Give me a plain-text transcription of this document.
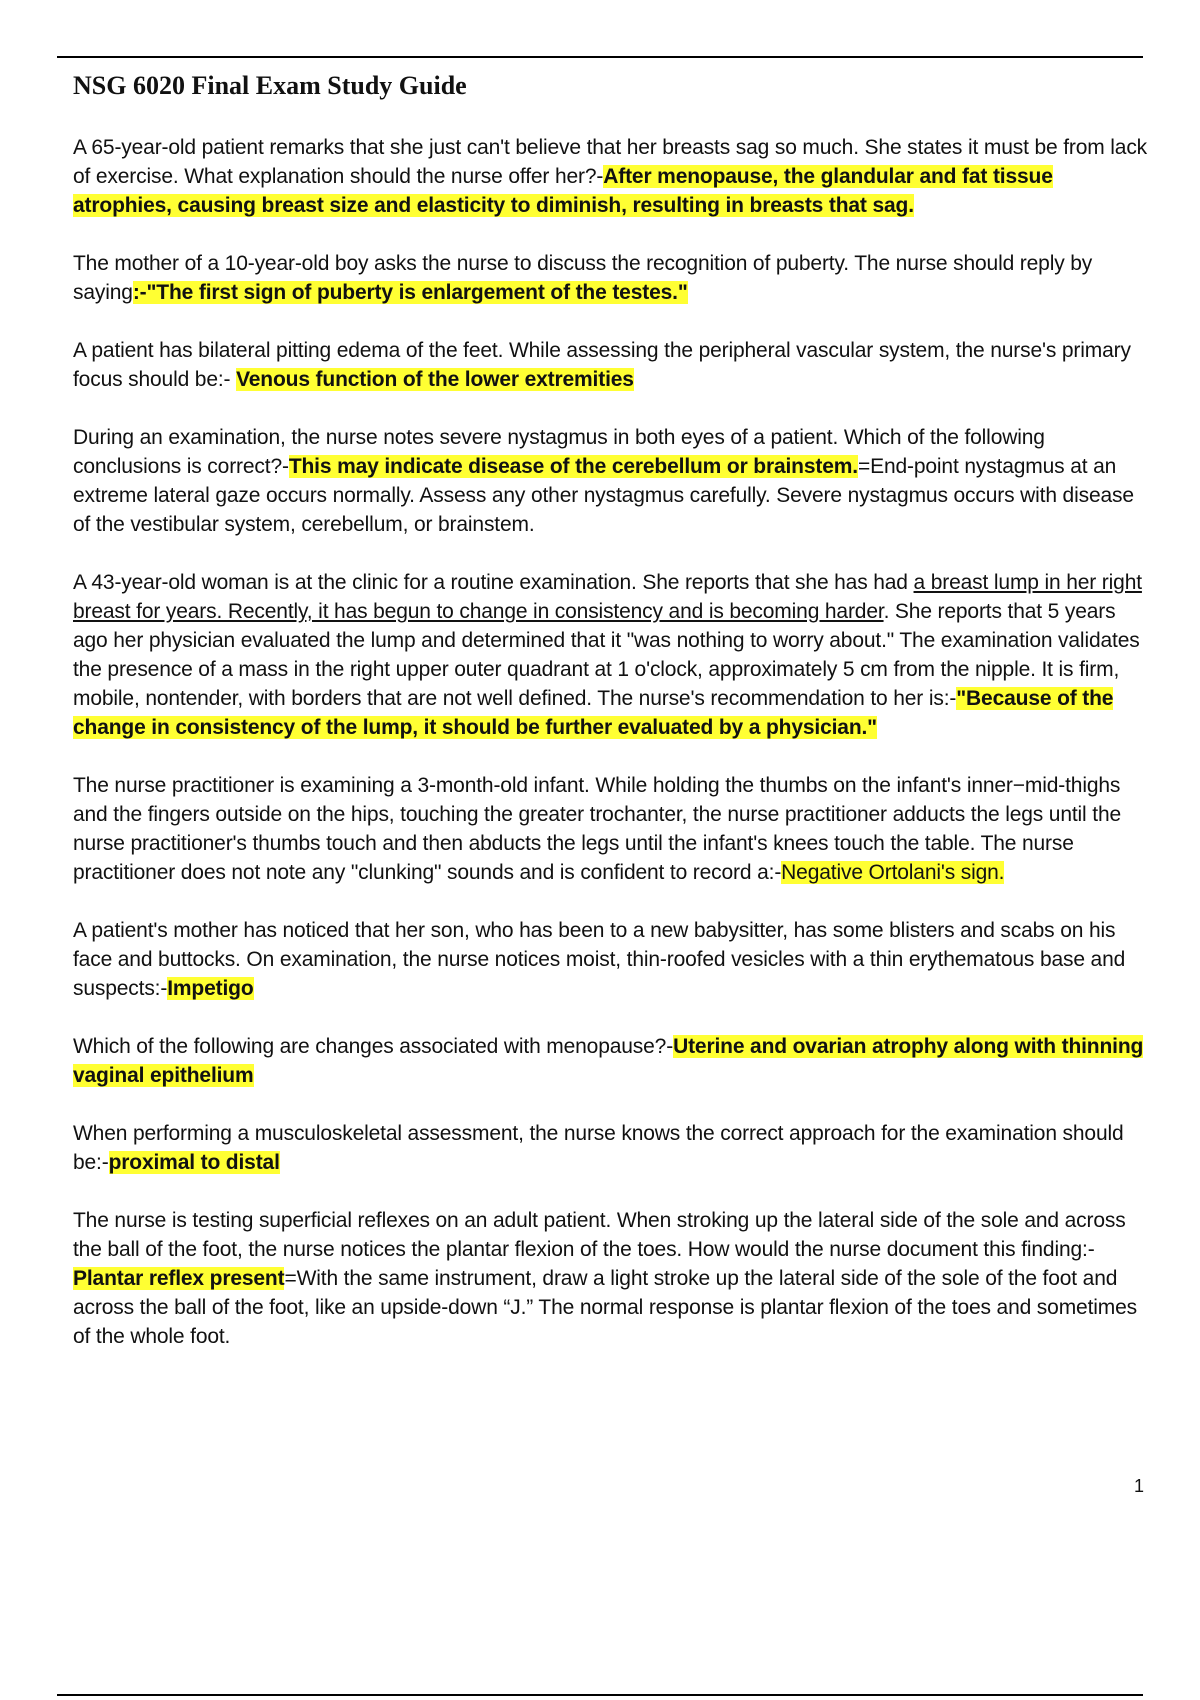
NSG 6020 Final Exam Study Guide

A 65-year-old patient remarks that she just can't believe that her breasts sag so much. She states it must be from lack of exercise. What explanation should the nurse offer her?-After menopause, the glandular and fat tissue atrophies, causing breast size and elasticity to diminish, resulting in breasts that sag.

The mother of a 10-year-old boy asks the nurse to discuss the recognition of puberty. The nurse should reply by saying:-"The first sign of puberty is enlargement of the testes."

A patient has bilateral pitting edema of the feet. While assessing the peripheral vascular system, the nurse's primary focus should be:- Venous function of the lower extremities

During an examination, the nurse notes severe nystagmus in both eyes of a patient. Which of the following conclusions is correct?-This may indicate disease of the cerebellum or brainstem.=End-point nystagmus at an extreme lateral gaze occurs normally. Assess any other nystagmus carefully. Severe nystagmus occurs with disease of the vestibular system, cerebellum, or brainstem.

A 43-year-old woman is at the clinic for a routine examination. She reports that she has had a breast lump in her right breast for years. Recently, it has begun to change in consistency and is becoming harder. She reports that 5 years ago her physician evaluated the lump and determined that it "was nothing to worry about." The examination validates the presence of a mass in the right upper outer quadrant at 1 o'clock, approximately 5 cm from the nipple. It is firm, mobile, nontender, with borders that are not well defined. The nurse's recommendation to her is:-"Because of the change in consistency of the lump, it should be further evaluated by a physician."

The nurse practitioner is examining a 3-month-old infant. While holding the thumbs on the infant's inner−mid-thighs and the fingers outside on the hips, touching the greater trochanter, the nurse practitioner adducts the legs until the nurse practitioner's thumbs touch and then abducts the legs until the infant's knees touch the table. The nurse practitioner does not note any "clunking" sounds and is confident to record a:-Negative Ortolani's sign.

A patient's mother has noticed that her son, who has been to a new babysitter, has some blisters and scabs on his face and buttocks. On examination, the nurse notices moist, thin-roofed vesicles with a thin erythematous base and suspects:-Impetigo

Which of the following are changes associated with menopause?-Uterine and ovarian atrophy along with thinning vaginal epithelium

When performing a musculoskeletal assessment, the nurse knows the correct approach for the examination should be:-proximal to distal

The nurse is testing superficial reflexes on an adult patient. When stroking up the lateral side of the sole and across the ball of the foot, the nurse notices the plantar flexion of the toes. How would the nurse document this finding:-Plantar reflex present=With the same instrument, draw a light stroke up the lateral side of the sole of the foot and across the ball of the foot, like an upside-down “J.” The normal response is plantar flexion of the toes and sometimes of the whole foot.

1
